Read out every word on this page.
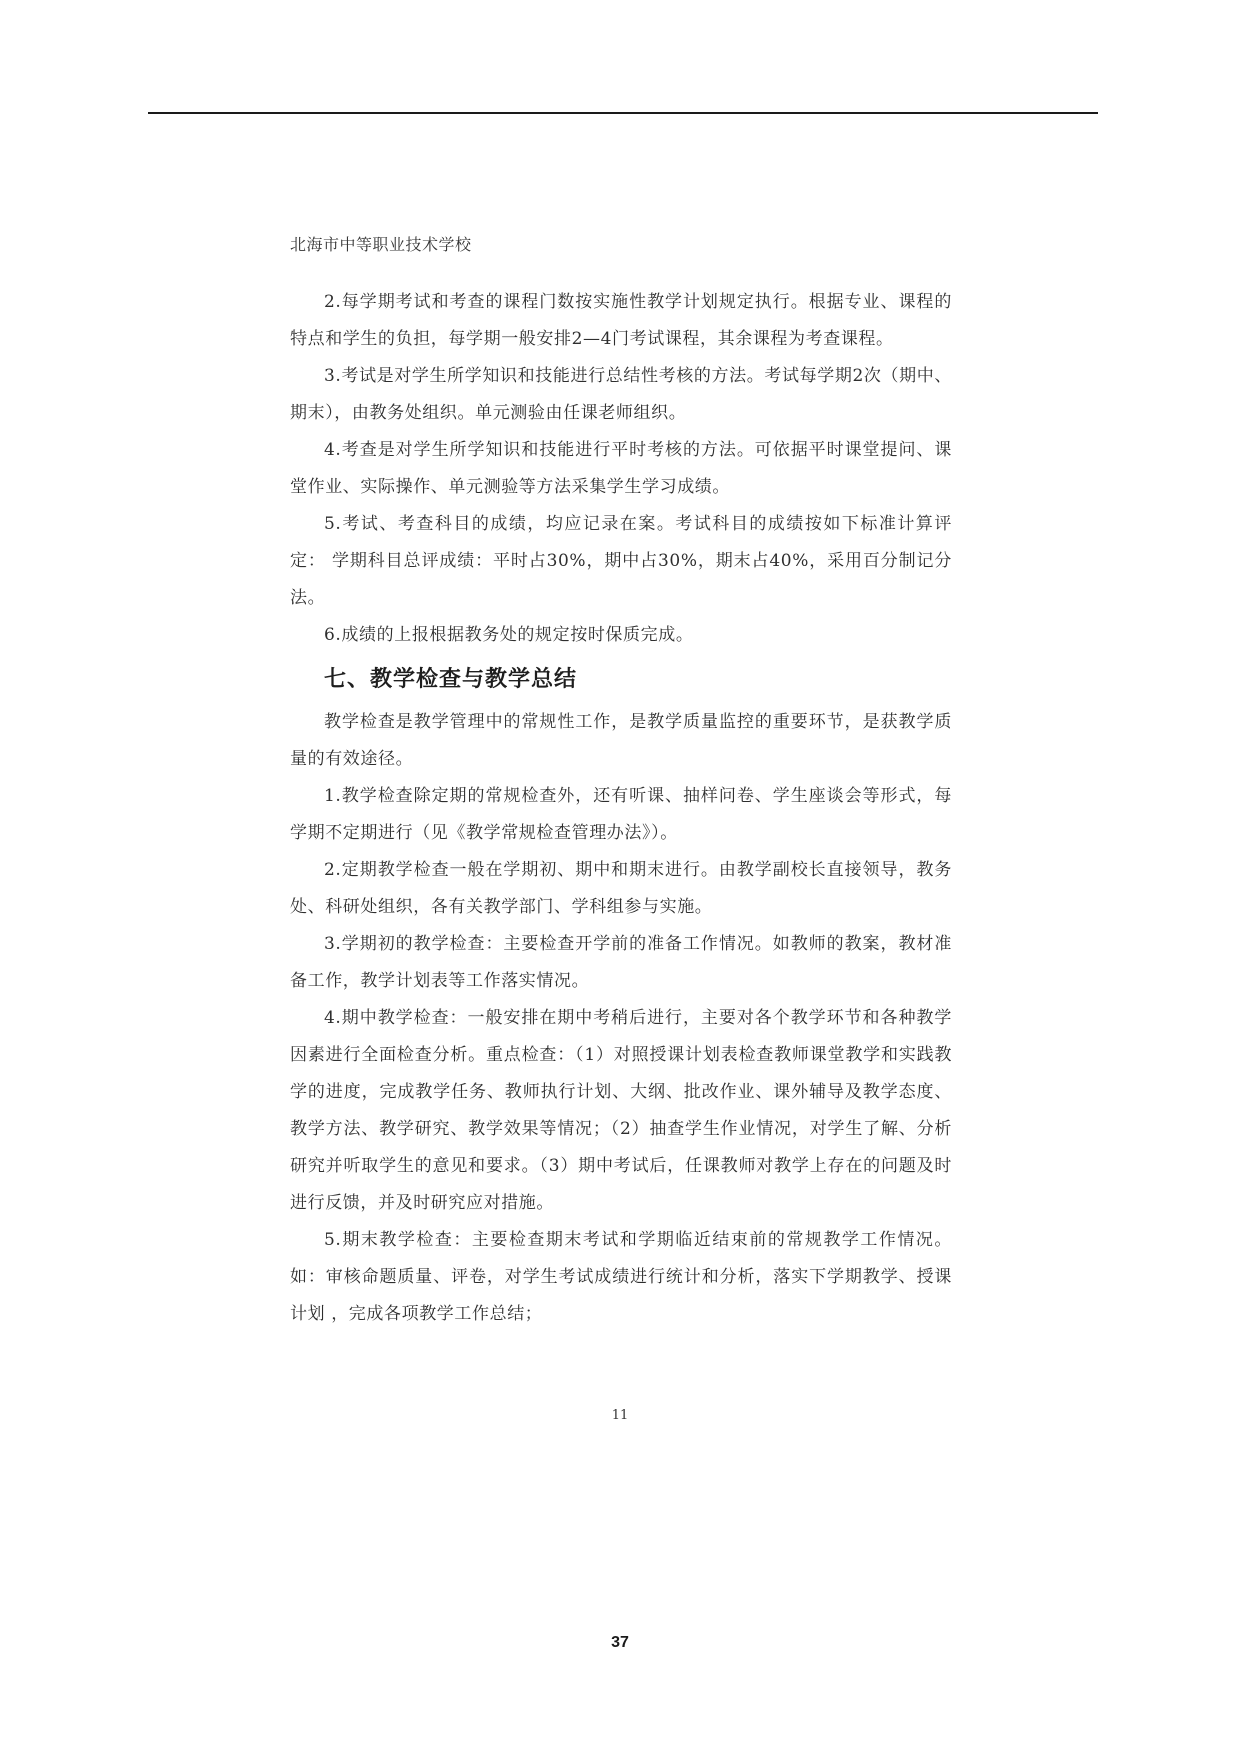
北海市中等职业技术学校

2.每学期考试和考查的课程门数按实施性教学计划规定执行。根据专业、课程的特点和学生的负担，每学期一般安排2—4门考试课程，其余课程为考查课程。

3.考试是对学生所学知识和技能进行总结性考核的方法。考试每学期2次（期中、期末），由教务处组织。单元测验由任课老师组织。

4.考查是对学生所学知识和技能进行平时考核的方法。可依据平时课堂提问、课堂作业、实际操作、单元测验等方法采集学生学习成绩。

5.考试、考查科目的成绩，均应记录在案。考试科目的成绩按如下标准计算评定： 学期科目总评成绩：平时占30%，期中占30%，期末占40%，采用百分制记分法。

6.成绩的上报根据教务处的规定按时保质完成。

七、教学检查与教学总结

教学检查是教学管理中的常规性工作，是教学质量监控的重要环节，是获教学质量的有效途径。

1.教学检查除定期的常规检查外，还有听课、抽样问卷、学生座谈会等形式，每学期不定期进行（见《教学常规检查管理办法》）。

2.定期教学检查一般在学期初、期中和期末进行。由教学副校长直接领导，教务处、科研处组织，各有关教学部门、学科组参与实施。

3.学期初的教学检查：主要检查开学前的准备工作情况。如教师的教案，教材准备工作，教学计划表等工作落实情况。

4.期中教学检查：一般安排在期中考稍后进行，主要对各个教学环节和各种教学因素进行全面检查分析。重点检查：（1）对照授课计划表检查教师课堂教学和实践教学的进度，完成教学任务、教师执行计划、大纲、批改作业、课外辅导及教学态度、教学方法、教学研究、教学效果等情况；（2）抽查学生作业情况，对学生了解、分析研究并听取学生的意见和要求。（3）期中考试后，任课教师对教学上存在的问题及时进行反馈，并及时研究应对措施。

5.期末教学检查：主要检查期末考试和学期临近结束前的常规教学工作情况。如：审核命题质量、评卷，对学生考试成绩进行统计和分析，落实下学期教学、授课计划 ，完成各项教学工作总结；

11
37
